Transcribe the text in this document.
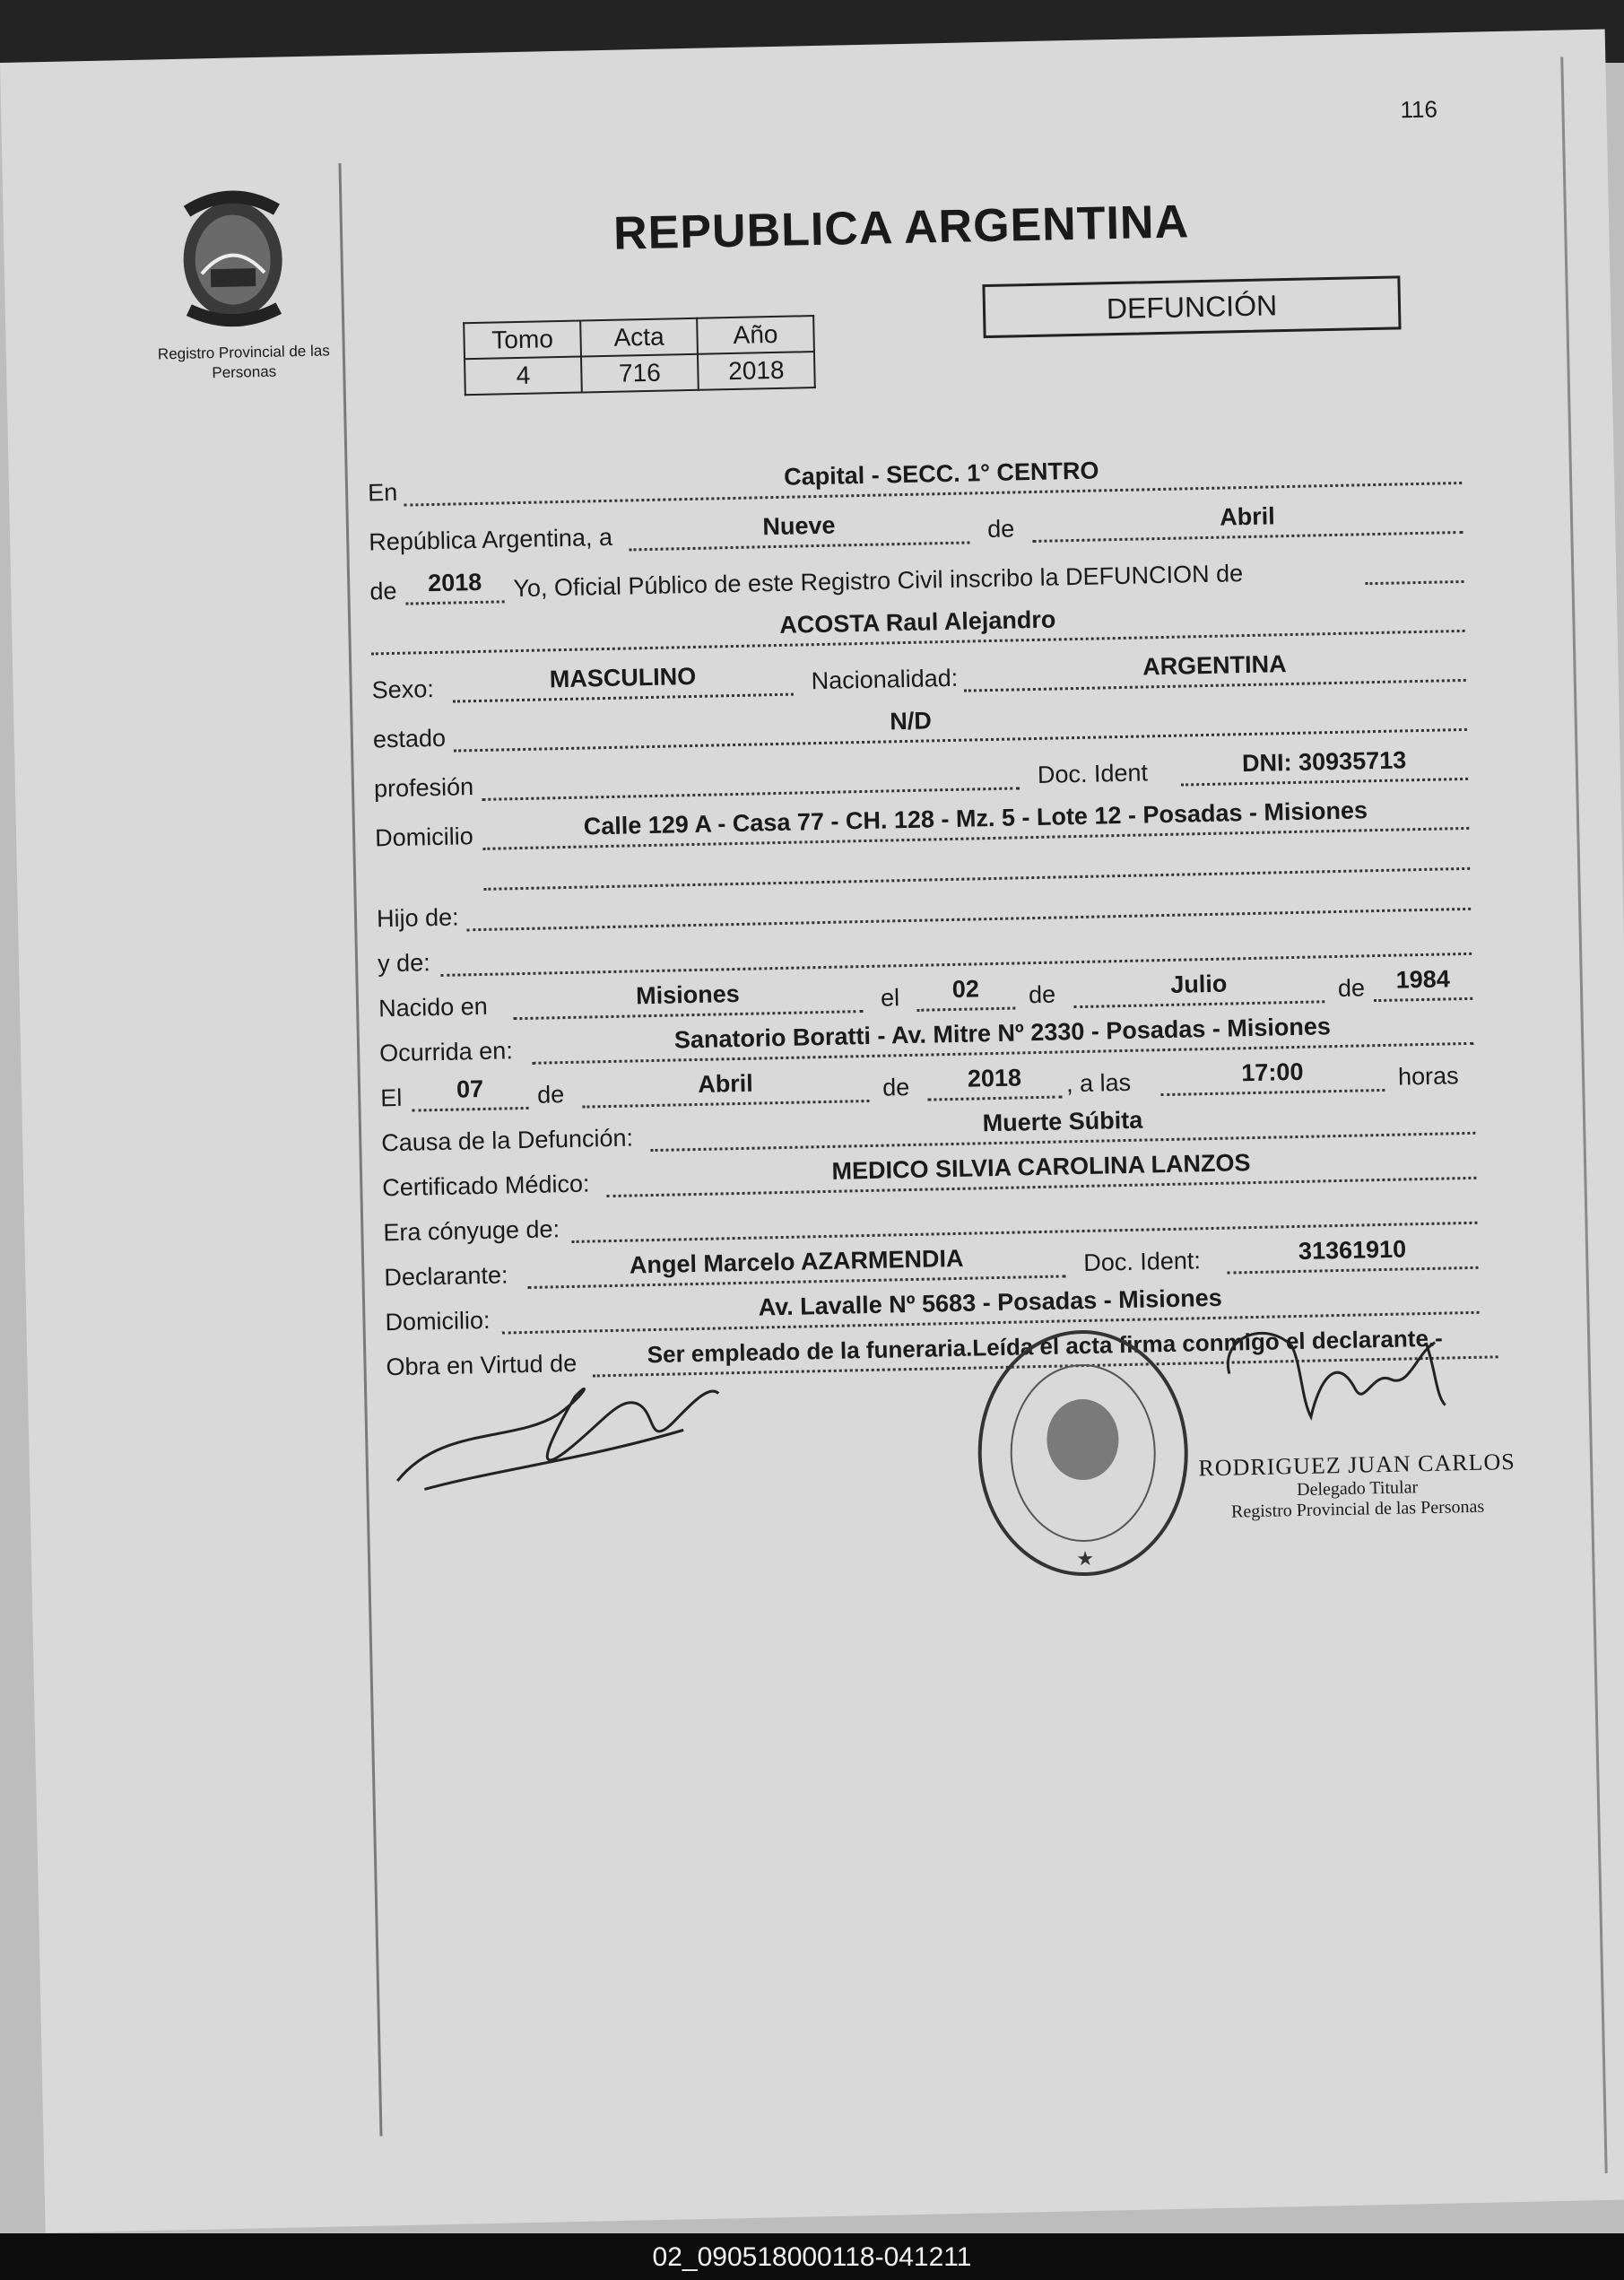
116
Registro Provincial de las Personas
REPUBLICA ARGENTINA
Tomo	Acta	Año
4	716	2018
DEFUNCIÓN
En
Capital - SECC. 1° CENTRO
República Argentina, a	Nueve	de	Abril
de	2018	Yo, Oficial Público de este Registro Civil inscribo la DEFUNCION de
ACOSTA Raul Alejandro
Sexo:	MASCULINO	Nacionalidad:	ARGENTINA
estado
N/D
profesión	Doc. Ident	DNI: 30935713
Domicilio	Calle 129 A - Casa 77 - CH. 128 - Mz. 5 - Lote 12 - Posadas - Misiones
Hijo de:
y de:
Nacido en	Misiones	el	02	de	Julio	de	1984
Ocurrida en:	Sanatorio Boratti - Av. Mitre Nº 2330 - Posadas - Misiones
El	07	de	Abril	de	2018	, a las	17:00	horas
Causa de la Defunción:
Muerte Súbita
Certificado Médico:
MEDICO SILVIA CAROLINA LANZOS
Era cónyuge de:
Declarante:	Angel Marcelo AZARMENDIA	Doc. Ident:	31361910
Domicilio:
Av. Lavalle Nº 5683 - Posadas - Misiones
Obra en Virtud de	Ser empleado de la funeraria.Leída el acta firma conmigo el declarante.-
★
RODRIGUEZ JUAN CARLOS
Delegado Titular
Registro Provincial de las Personas
02_090518000118-041211
